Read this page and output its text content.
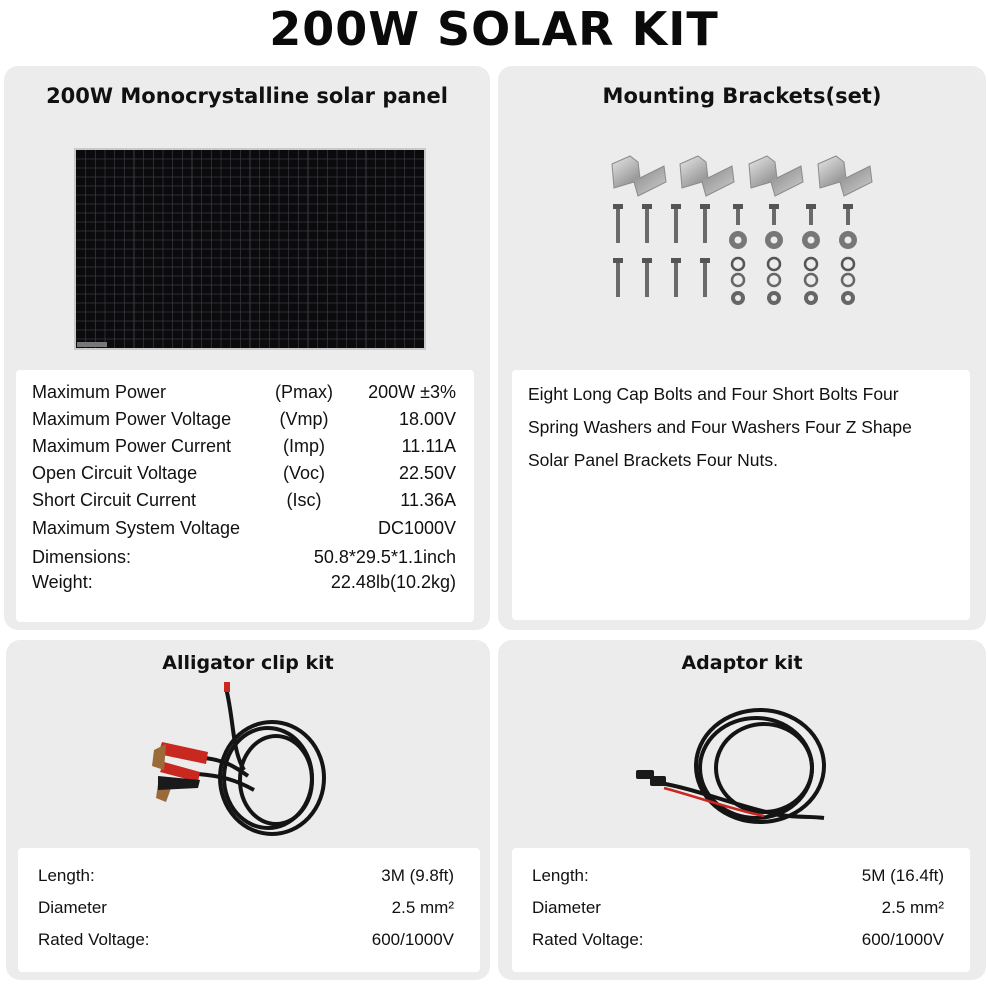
200W SOLAR KIT
200W Monocrystalline solar panel
Maximum Power	(Pmax)	200W ±3%
Maximum Power Voltage	(Vmp)	18.00V
Maximum Power Current	(Imp)	11.11A
Open Circuit Voltage	(Voc)	22.50V
Short Circuit Current	(Isc)	11.36A
Maximum System Voltage	DC1000V
Dimensions:	50.8*29.5*1.1inch
Weight:	22.48lb(10.2kg)
Mounting Brackets(set)
Eight Long Cap Bolts and Four Short Bolts Four Spring Washers and Four Washers Four Z Shape Solar Panel Brackets Four Nuts.
Alligator clip kit
Length:	3M (9.8ft)
Diameter	2.5 mm²
Rated Voltage:	600/1000V
Adaptor kit
Length:	5M (16.4ft)
Diameter	2.5 mm²
Rated Voltage:	600/1000V
